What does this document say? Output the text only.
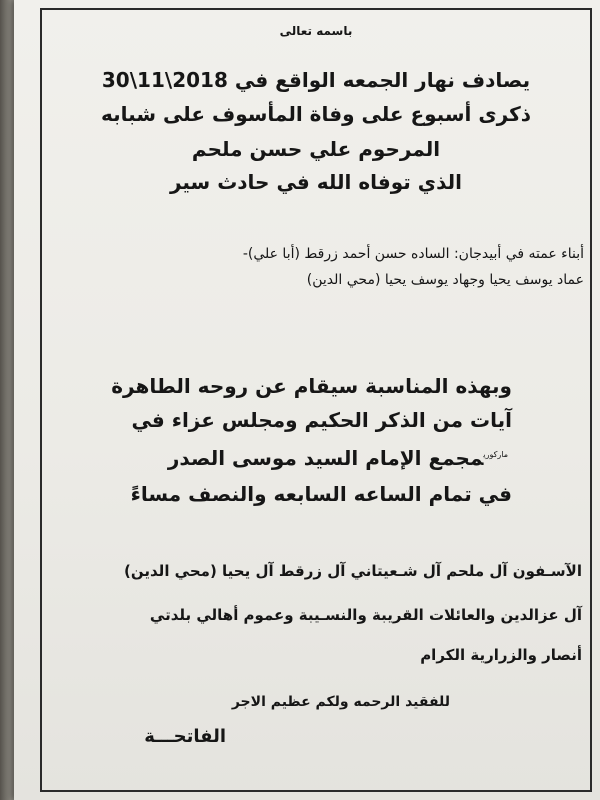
باسمه تعالى
يصادف نهار الجمعه الواقع في 2018\11\30
ذكرى أسبوع على وفاة المأسوف على شبابه
المرحوم علي حسن ملحم
الذي توفاه الله في حادث سير
أبناء عمته في أبيدجان: الساده حسن أحمد زرقط (أبا علي)-
عماد يوسف يحيا وجهاد يوسف يحيا (محي الدين)
وبهذه المناسبة سيقام عن روحه الطاهرة
آيات من الذكر الحكيم ومجلس عزاء في
$^{ماركوري}$مجمع الإمام السيد موسى الصدر
في تمام الساعه السابعه والنصف مساءً
الآسـفون آل ملحم آل شـعيتاني آل زرقط آل يحيا (محي الدين)
آل عزالدين والعائلات القريبة والنسـيبة وعموم أهالي بلدتي
أنصار والزرارية الكرام
للفقيد الرحمه ولكم عظيم الاجر
الفاتحـــة
